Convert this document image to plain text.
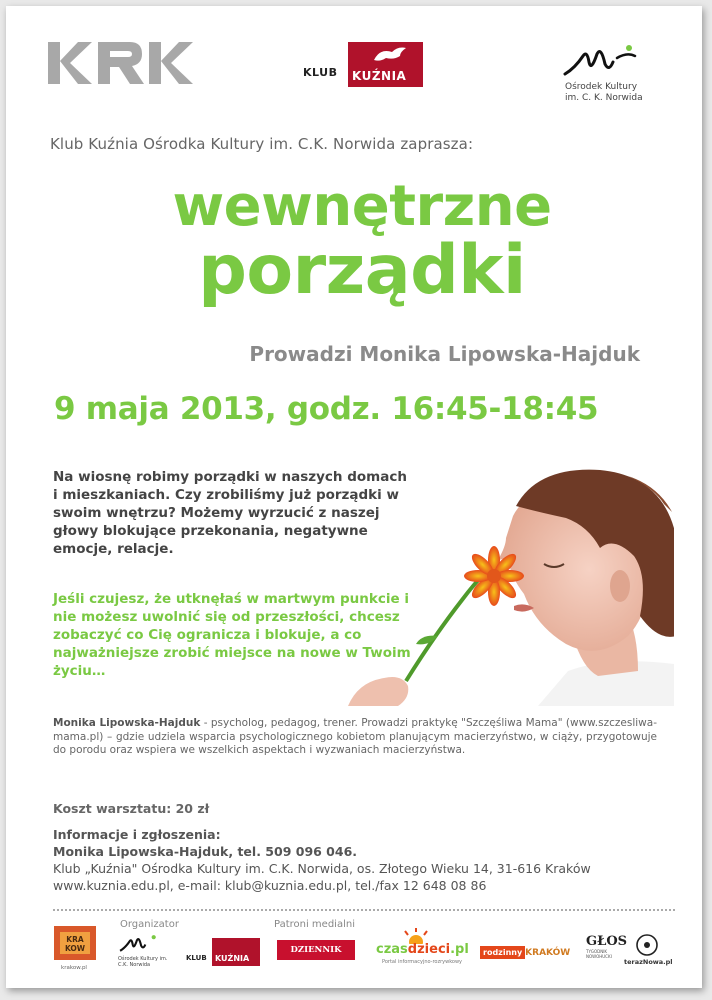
KLUB KUŹNIA
Ośrodek Kultury
im. C. K. Norwida
Klub Kuźnia Ośrodka Kultury im. C.K. Norwida zaprasza:
wewnętrzne
porządki
Prowadzi Monika Lipowska-Hajduk
9 maja 2013, godz. 16:45-18:45
Na wiosnę robimy porządki w naszych domach i mieszkaniach. Czy zrobiliśmy już porządki w swoim wnętrzu? Możemy wyrzucić z naszej głowy blokujące przekonania, negatywne emocje, relacje.
Jeśli czujesz, że utknęłaś w martwym punkcie i nie możesz uwolnić się od przeszłości, chcesz zobaczyć co Cię ogranicza i blokuje, a co najważniejsze zrobić miejsce na nowe w Twoim życiu…
Monika Lipowska-Hajduk - psycholog, pedagog, trener. Prowadzi praktykę "Szczęśliwa Mama" (www.szczesliwa-mama.pl) – gdzie udziela wsparcia psychologicznego kobietom planującym macierzyństwo, w ciąży, przygotowuje do porodu oraz wspiera we wszelkich aspektach i wyzwaniach macierzyństwa.
Koszt warsztatu: 20 zł
Informacje i zgłoszenia:
Monika Lipowska-Hajduk, tel. 509 096 046.
Klub „Kuźnia" Ośrodka Kultury im. C.K. Norwida, os. Złotego Wieku 14, 31-616 Kraków
www.kuznia.edu.pl, e-mail: klub@kuznia.edu.pl, tel./fax 12 648 08 86
Organizator	Patroni medialni
KRA
KOW
krakow.pl
Ośrodek Kultury im. C.K. Norwida
KLUB KUŹNIA
DZIENNIK POLSKI
czasdzieci.pl
Portal informacyjno-rozrywkowy
rodzinny KRAKÓW
GŁOS
TYGODNIK NOWOHUCKI
terazNowa.pl
